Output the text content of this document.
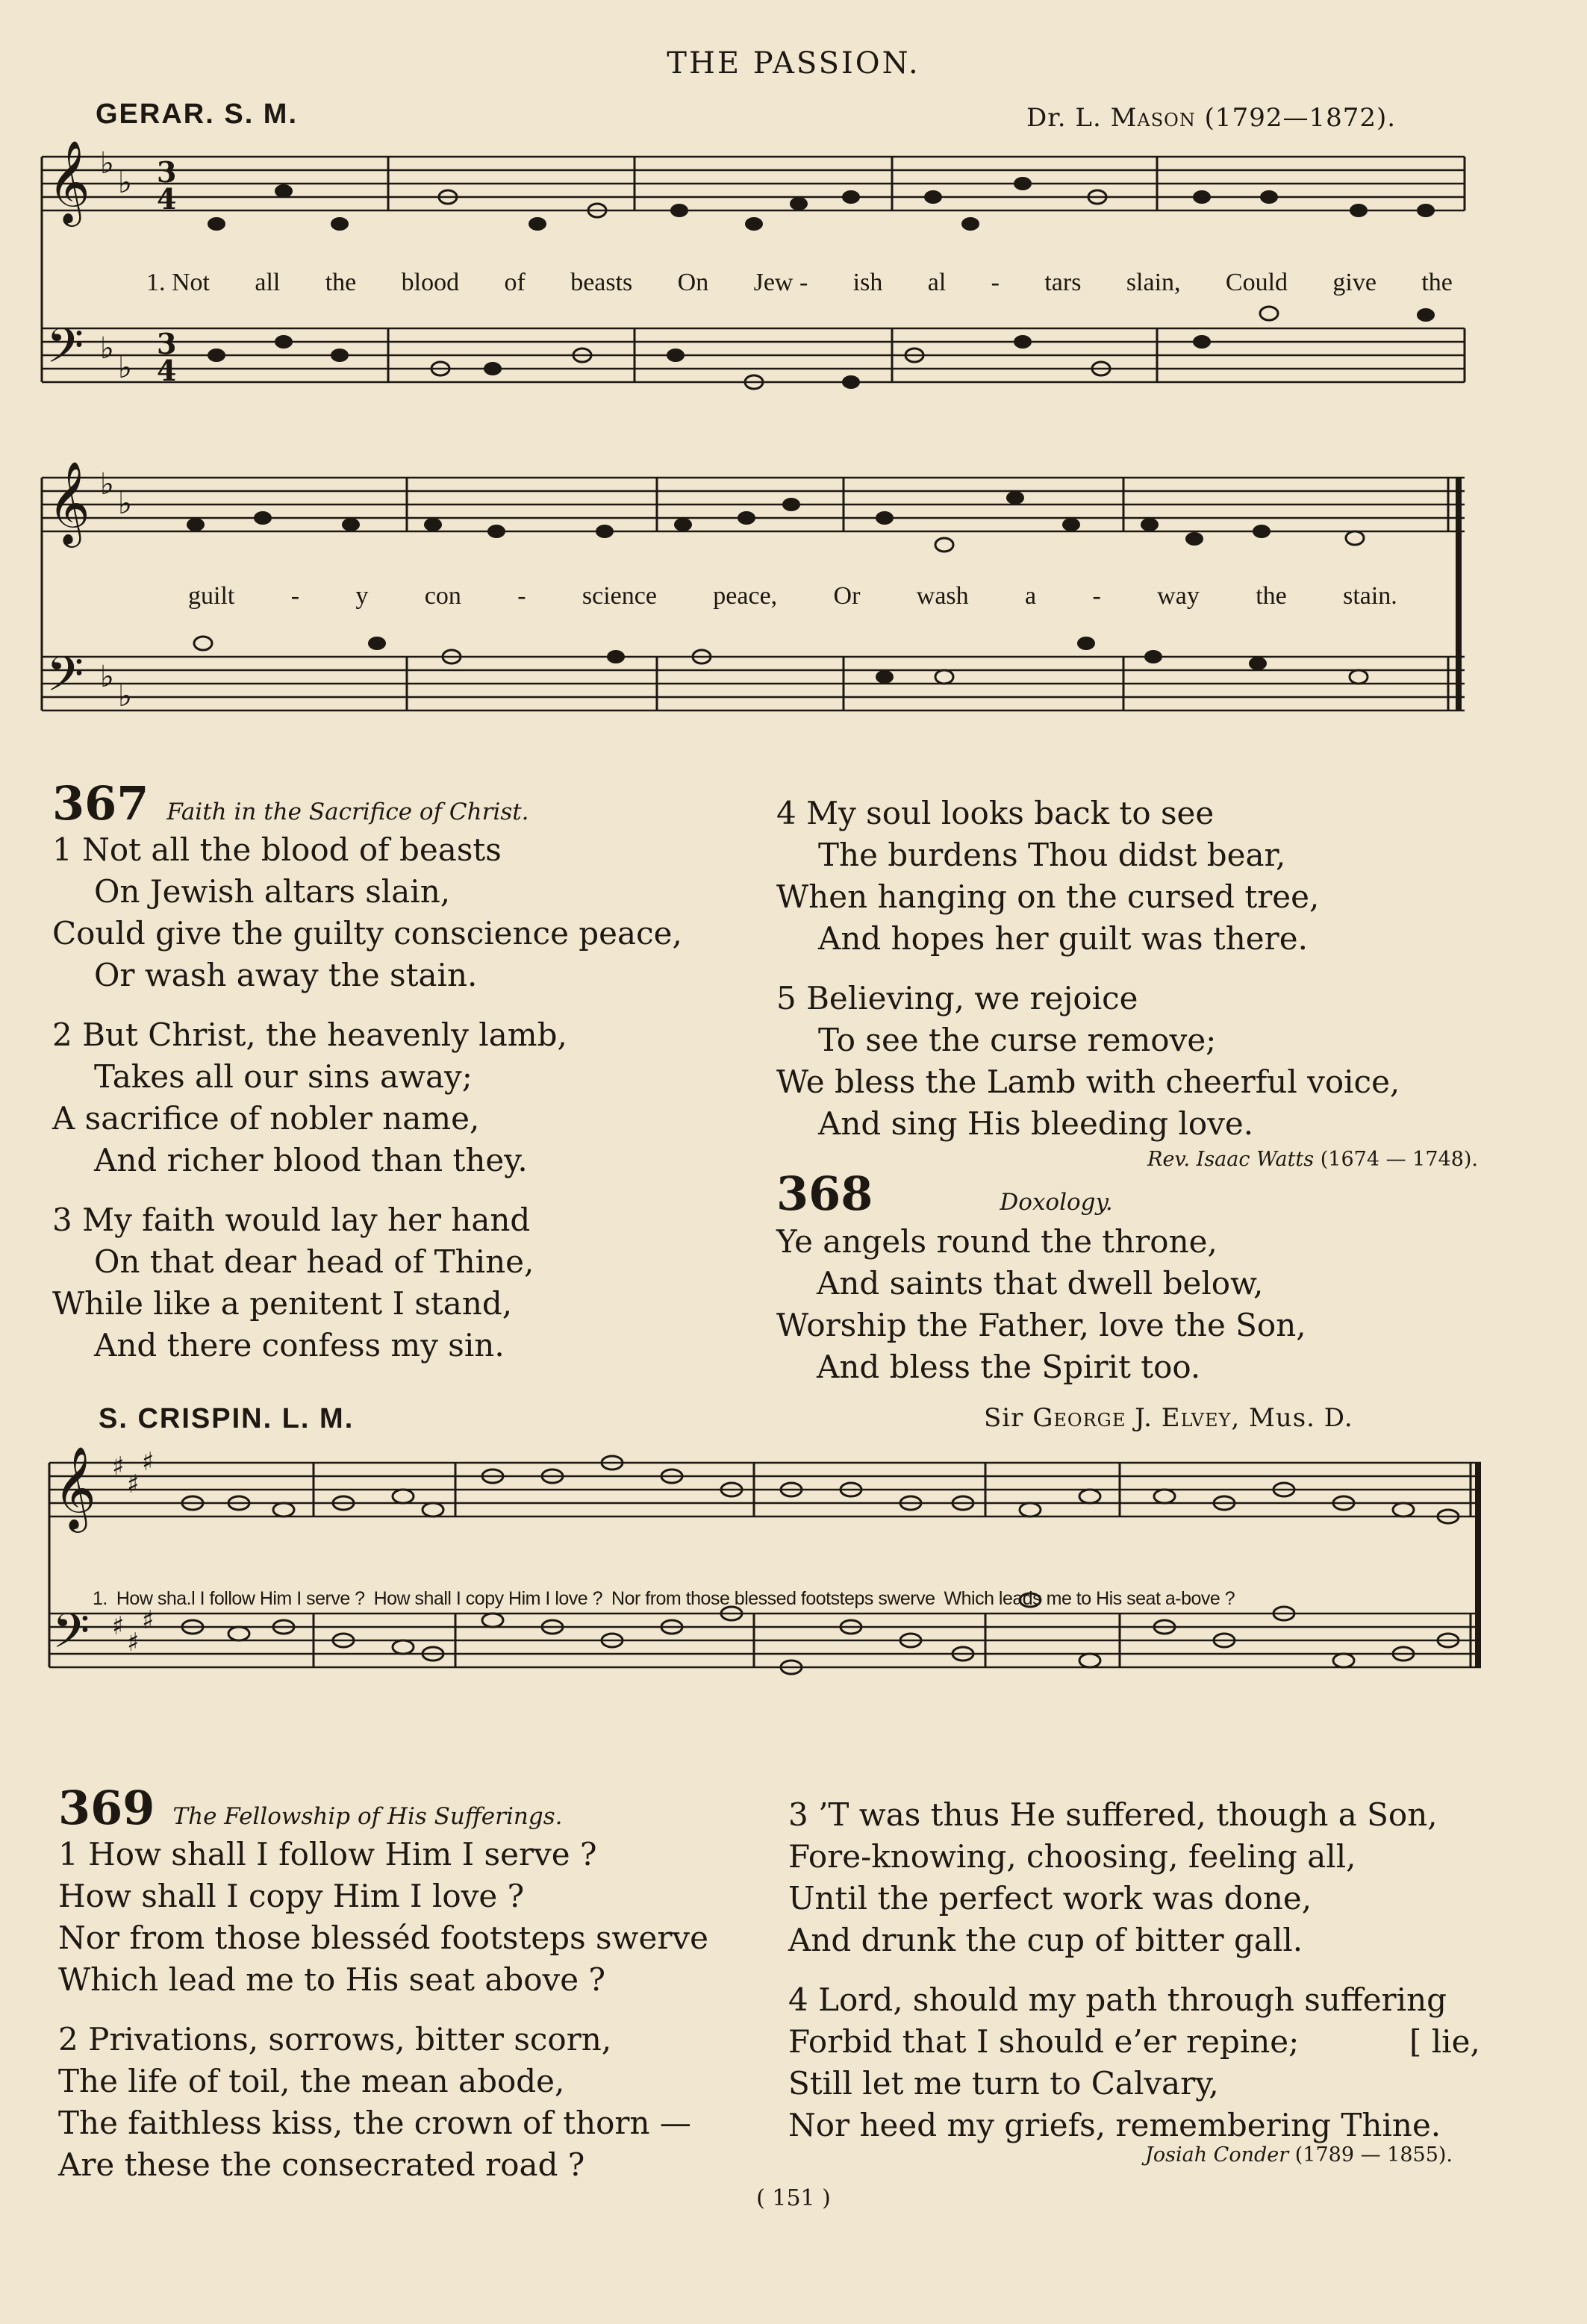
THE PASSION.
GERAR. S. M.	Dr. L. Mason (1792—1872).
𝄞
𝄢
♭
♭
♭
♭
3
4
3
4
𝄞
𝄢
♭
♭
♭
♭
1. Not all the blood of beasts On Jew - ish al - tars slain, Could give the
guilt - y con - science peace, Or wash a - way the stain.
367 Faith in the Sacrifice of Christ.
1 Not all the blood of beasts
On Jewish altars slain,
Could give the guilty conscience peace,
Or wash away the stain.
2 But Christ, the heavenly lamb,
Takes all our sins away;
A sacrifice of nobler name,
And richer blood than they.
3 My faith would lay her hand
On that dear head of Thine,
While like a penitent I stand,
And there confess my sin.
4 My soul looks back to see
The burdens Thou didst bear,
When hanging on the cursed tree,
And hopes her guilt was there.
5 Believing, we rejoice
To see the curse remove;
We bless the Lamb with cheerful voice,
And sing His bleeding love.
Rev. Isaac Watts (1674 — 1748).
368	Doxology.
Ye angels round the throne,
And saints that dwell below,
Worship the Father, love the Son,
And bless the Spirit too.
S. CRISPIN. L. M.	Sir George J. Elvey, Mus. D.
𝄞
𝄢
♯
♯
♯
♯
♯
♯
1. How sha.l I follow Him I serve ? How shall I copy Him I love ? Nor from those blessed footsteps swerve Which leads me to His seat a-bove ?
369 The Fellowship of His Sufferings.
1 How shall I follow Him I serve ?
How shall I copy Him I love ?
Nor from those blesséd footsteps swerve
Which lead me to His seat above ?
2 Privations, sorrows, bitter scorn,
The life of toil, the mean abode,
The faithless kiss, the crown of thorn —
Are these the consecrated road ?
3 ’T was thus He suffered, though a Son,
Fore-knowing, choosing, feeling all,
Until the perfect work was done,
And drunk the cup of bitter gall.
4 Lord, should my path through suffering
Forbid that I should e’er repine;	[ lie,
Still let me turn to Calvary,
Nor heed my griefs, remembering Thine.
Josiah Conder (1789 — 1855).
( 151 )
